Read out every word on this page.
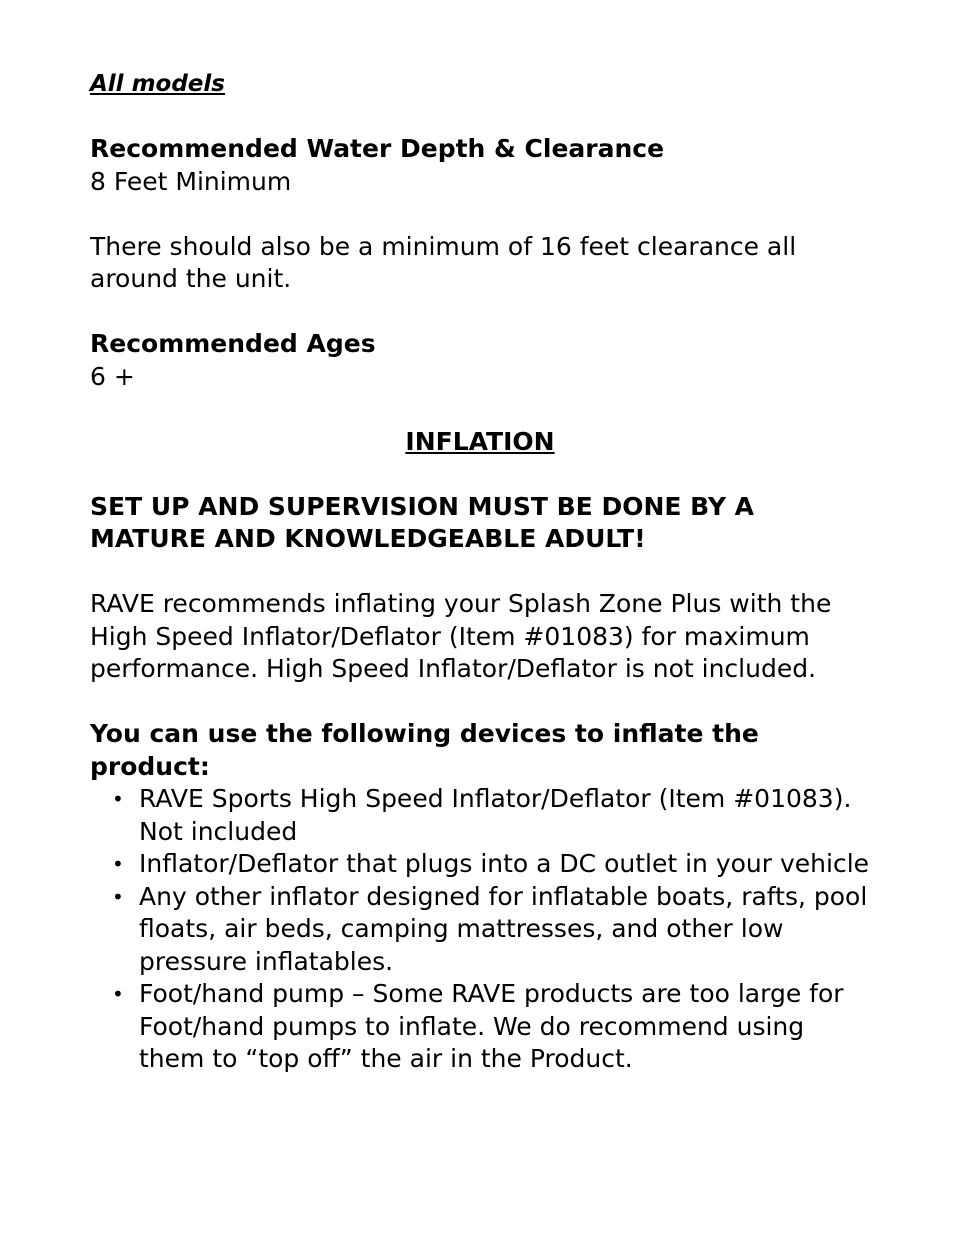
All models

Recommended Water Depth & Clearance

8 Feet Minimum

There should also be a minimum of 16 feet clearance all around the unit.

Recommended Ages

6 +

INFLATION

SET UP AND SUPERVISION MUST BE DONE BY A MATURE AND KNOWLEDGEABLE ADULT!

RAVE recommends inflating your Splash Zone Plus with the High Speed Inflator/Deflator (Item #01083) for maximum performance. High Speed Inflator/Deflator is not included.

You can use the following devices to inflate the product:

• RAVE Sports High Speed Inflator/Deflator (Item #01083). Not included
• Inflator/Deflator that plugs into a DC outlet in your vehicle
• Any other inflator designed for inflatable boats, rafts, pool floats, air beds, camping mattresses, and other low pressure inflatables.
• Foot/hand pump – Some RAVE products are too large for Foot/hand pumps to inflate. We do recommend using them to “top off” the air in the Product.
